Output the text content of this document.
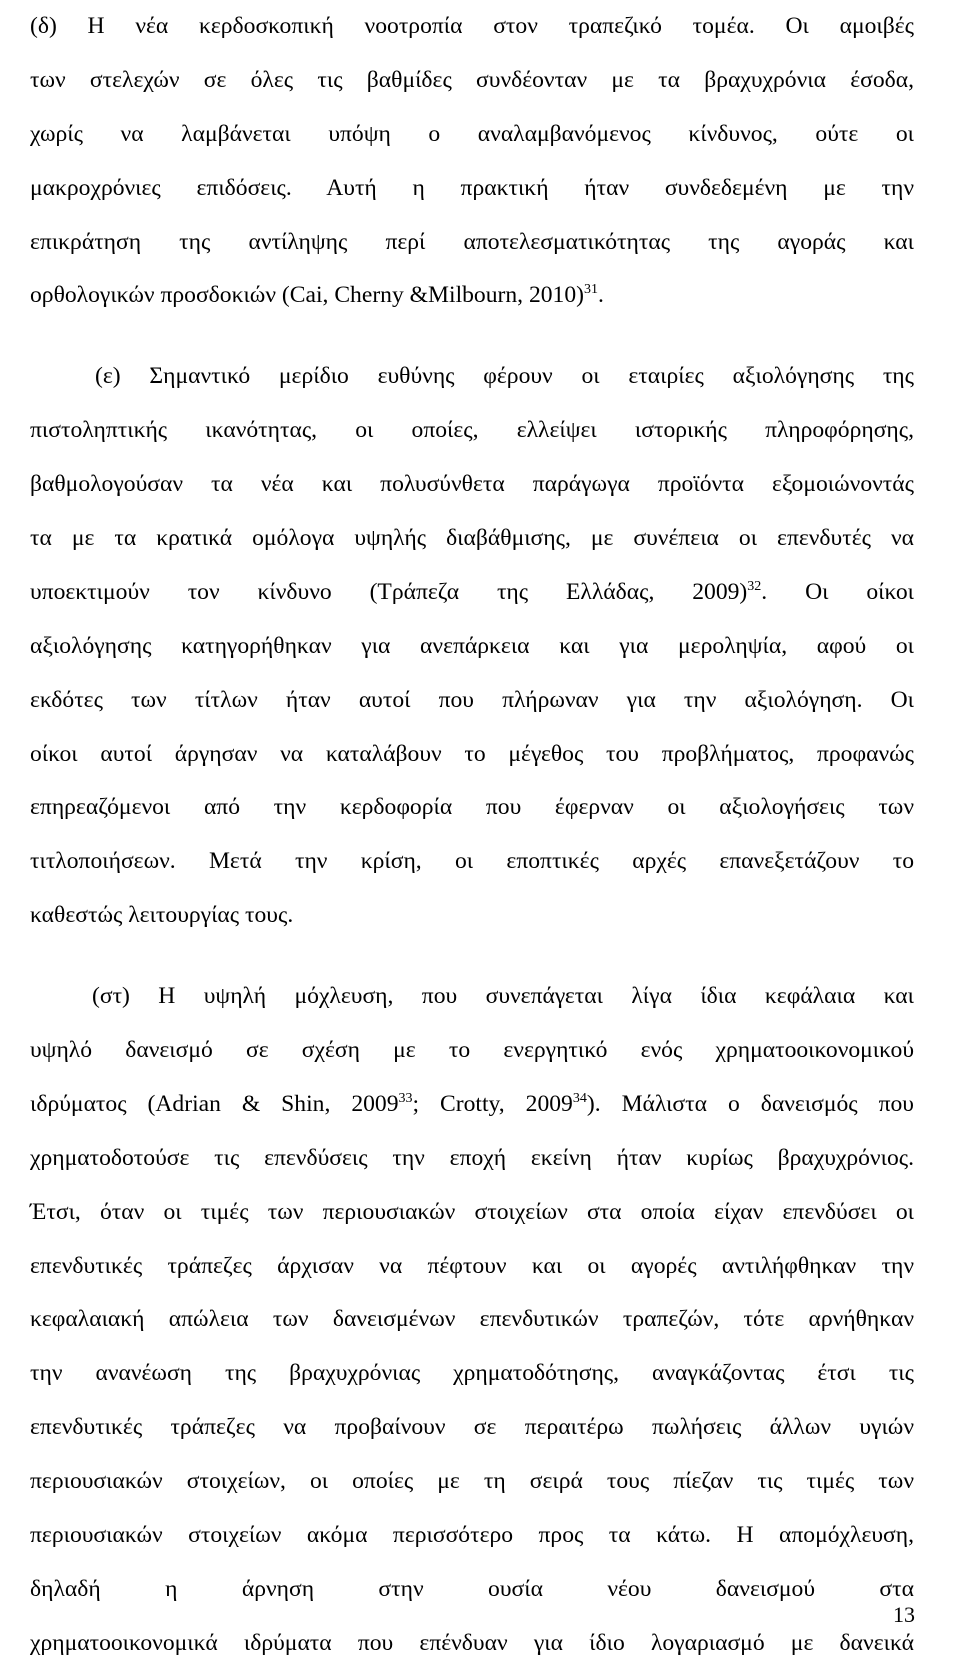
(δ) Η νέα κερδοσκοπική νοοτροπία στον τραπεζικό τομέα. Οι αμοιβές
των στελεχών σε όλες τις βαθμίδες συνδέονταν με τα βραχυχρόνια έσοδα,
χωρίς να λαμβάνεται υπόψη ο αναλαμβανόμενος κίνδυνος, ούτε οι
μακροχρόνιες επιδόσεις. Αυτή η πρακτική ήταν συνδεδεμένη με την
επικράτηση της αντίληψης περί αποτελεσματικότητας της αγοράς και
ορθολογικών προσδοκιών (Cai, Cherny &Milbourn, 2010)$^{31}$.
(ε) Σημαντικό μερίδιο ευθύνης φέρουν οι εταιρίες αξιολόγησης της
πιστοληπτικής ικανότητας, οι οποίες, ελλείψει ιστορικής πληροφόρησης,
βαθμολογούσαν τα νέα και πολυσύνθετα παράγωγα προϊόντα εξομοιώνοντάς
τα με τα κρατικά ομόλογα υψηλής διαβάθμισης, με συνέπεια οι επενδυτές να
υποεκτιμούν τον κίνδυνο (Τράπεζα της Ελλάδας, 2009)$^{32}$. Οι οίκοι
αξιολόγησης κατηγορήθηκαν για ανεπάρκεια και για μεροληψία, αφού οι
εκδότες των τίτλων ήταν αυτοί που πλήρωναν για την αξιολόγηση. Οι
οίκοι αυτοί άργησαν να καταλάβουν το μέγεθος του προβλήματος, προφανώς
επηρεαζόμενοι από την κερδοφορία που έφερναν οι αξιολογήσεις των
τιτλοποιήσεων. Μετά την κρίση, οι εποπτικές αρχές επανεξετάζουν το
καθεστώς λειτουργίας τους.
(στ) Η υψηλή μόχλευση, που συνεπάγεται λίγα ίδια κεφάλαια και
υψηλό δανεισμό σε σχέση με το ενεργητικό ενός χρηματοοικονομικού
ιδρύματος (Adrian & Shin, 2009$^{33}$; Crotty, 2009$^{34}$). Μάλιστα ο δανεισμός που
χρηματοδοτούσε τις επενδύσεις την εποχή εκείνη ήταν κυρίως βραχυχρόνιος.
Έτσι, όταν οι τιμές των περιουσιακών στοιχείων στα οποία είχαν επενδύσει οι
επενδυτικές τράπεζες άρχισαν να πέφτουν και οι αγορές αντιλήφθηκαν την
κεφαλαιακή απώλεια των δανεισμένων επενδυτικών τραπεζών, τότε αρνήθηκαν
την ανανέωση της βραχυχρόνιας χρηματοδότησης, αναγκάζοντας έτσι τις
επενδυτικές τράπεζες να προβαίνουν σε περαιτέρω πωλήσεις άλλων υγιών
περιουσιακών στοιχείων, οι οποίες με τη σειρά τους πίεζαν τις τιμές των
περιουσιακών στοιχείων ακόμα περισσότερο προς τα κάτω. Η απομόχλευση,
δηλαδή η άρνηση στην ουσία νέου δανεισμού στα
χρηματοοικονομικά ιδρύματα που επένδυαν για ίδιο λογαριασμό με δανεικά
13
